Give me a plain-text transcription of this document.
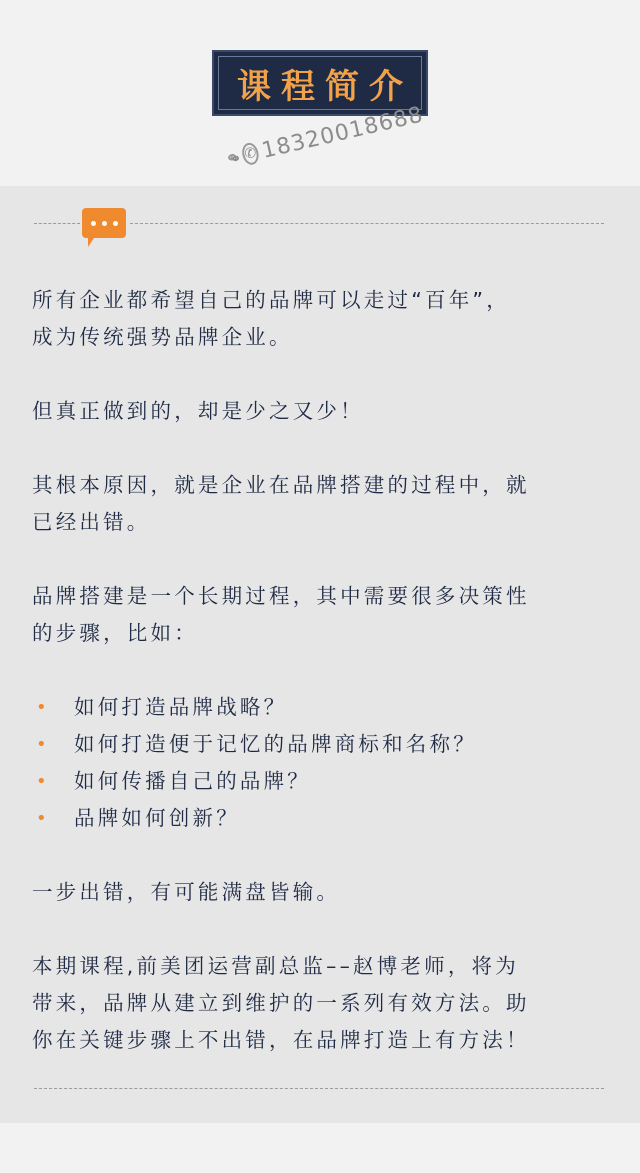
课程简介
✆ 18320018688

所有企业都希望自己的品牌可以走过“百年”，

成为传统强势品牌企业。

但真正做到的，却是少之又少！

其根本原因，就是企业在品牌搭建的过程中，就

已经出错。

品牌搭建是一个长期过程，其中需要很多决策性

的步骤，比如：

•	如何打造品牌战略？
•	如何打造便于记忆的品牌商标和名称？
•	如何传播自己的品牌？
•	品牌如何创新？

一步出错，有可能满盘皆输。

本期课程,前美团运营副总监––赵博老师，将为

带来，品牌从建立到维护的一系列有效方法。助

你在关键步骤上不出错，在品牌打造上有方法！
